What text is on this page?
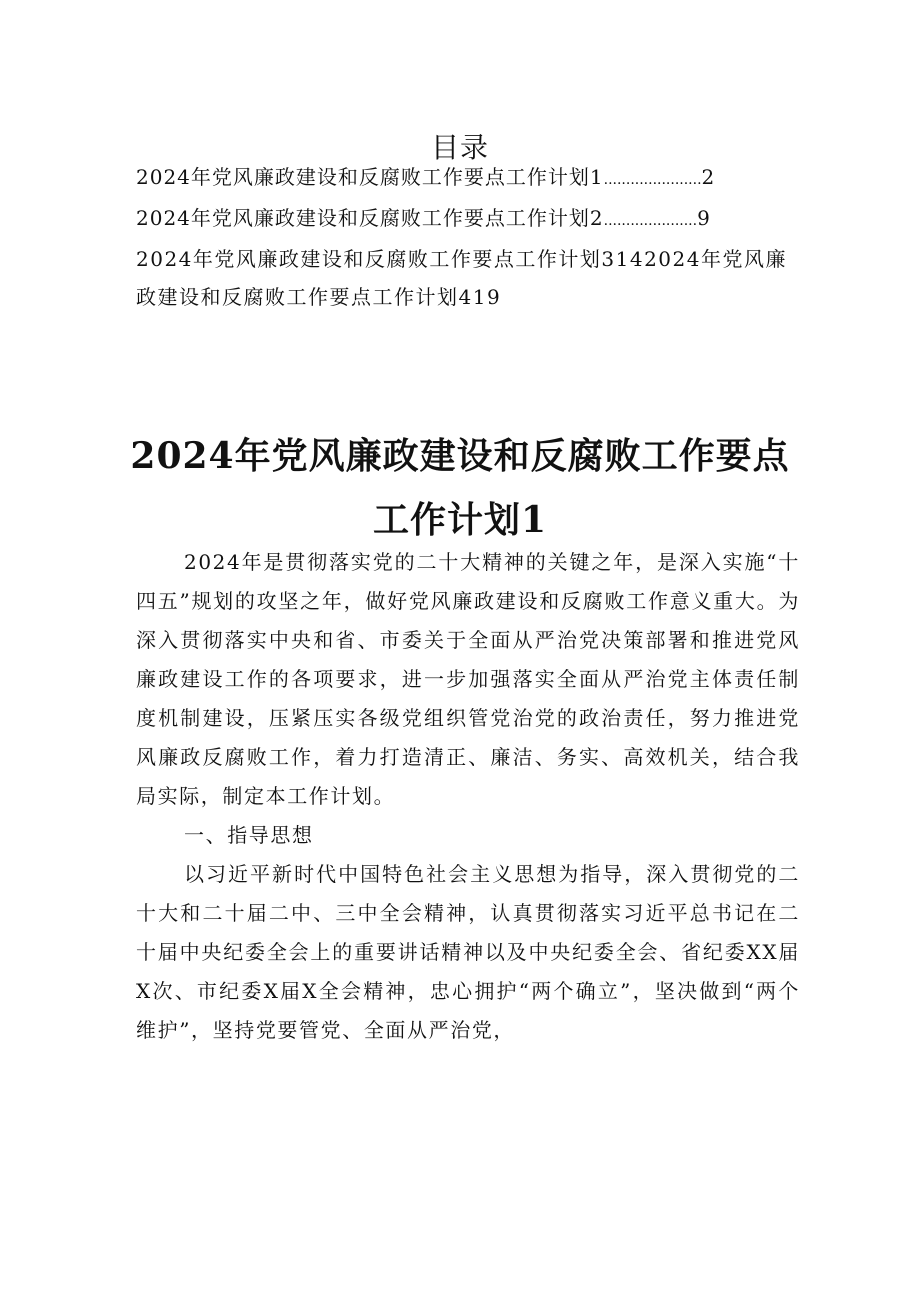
目录
2024年党风廉政建设和反腐败工作要点工作计划1 ...................... 2
2024年党风廉政建设和反腐败工作要点工作计划2 ..................... 9
2024年党风廉政建设和反腐败工作要点工作计划3142024年党风廉政建设和反腐败工作要点工作计划419
2024年党风廉政建设和反腐败工作要点工作计划1

2024年是贯彻落实党的二十大精神的关键之年，是深入实施“十四五”规划的攻坚之年，做好党风廉政建设和反腐败工作意义重大。为深入贯彻落实中央和省、市委关于全面从严治党决策部署和推进党风廉政建设工作的各项要求，进一步加强落实全面从严治党主体责任制度机制建设，压紧压实各级党组织管党治党的政治责任，努力推进党风廉政反腐败工作，着力打造清正、廉洁、务实、高效机关，结合我局实际，制定本工作计划。

一、指导思想

以习近平新时代中国特色社会主义思想为指导，深入贯彻党的二十大和二十届二中、三中全会精神，认真贯彻落实习近平总书记在二十届中央纪委全会上的重要讲话精神以及中央纪委全会、省纪委XX届X次、市纪委X届X全会精神，忠心拥护“两个确立”，坚决做到“两个维护”，坚持党要管党、全面从严治党，
